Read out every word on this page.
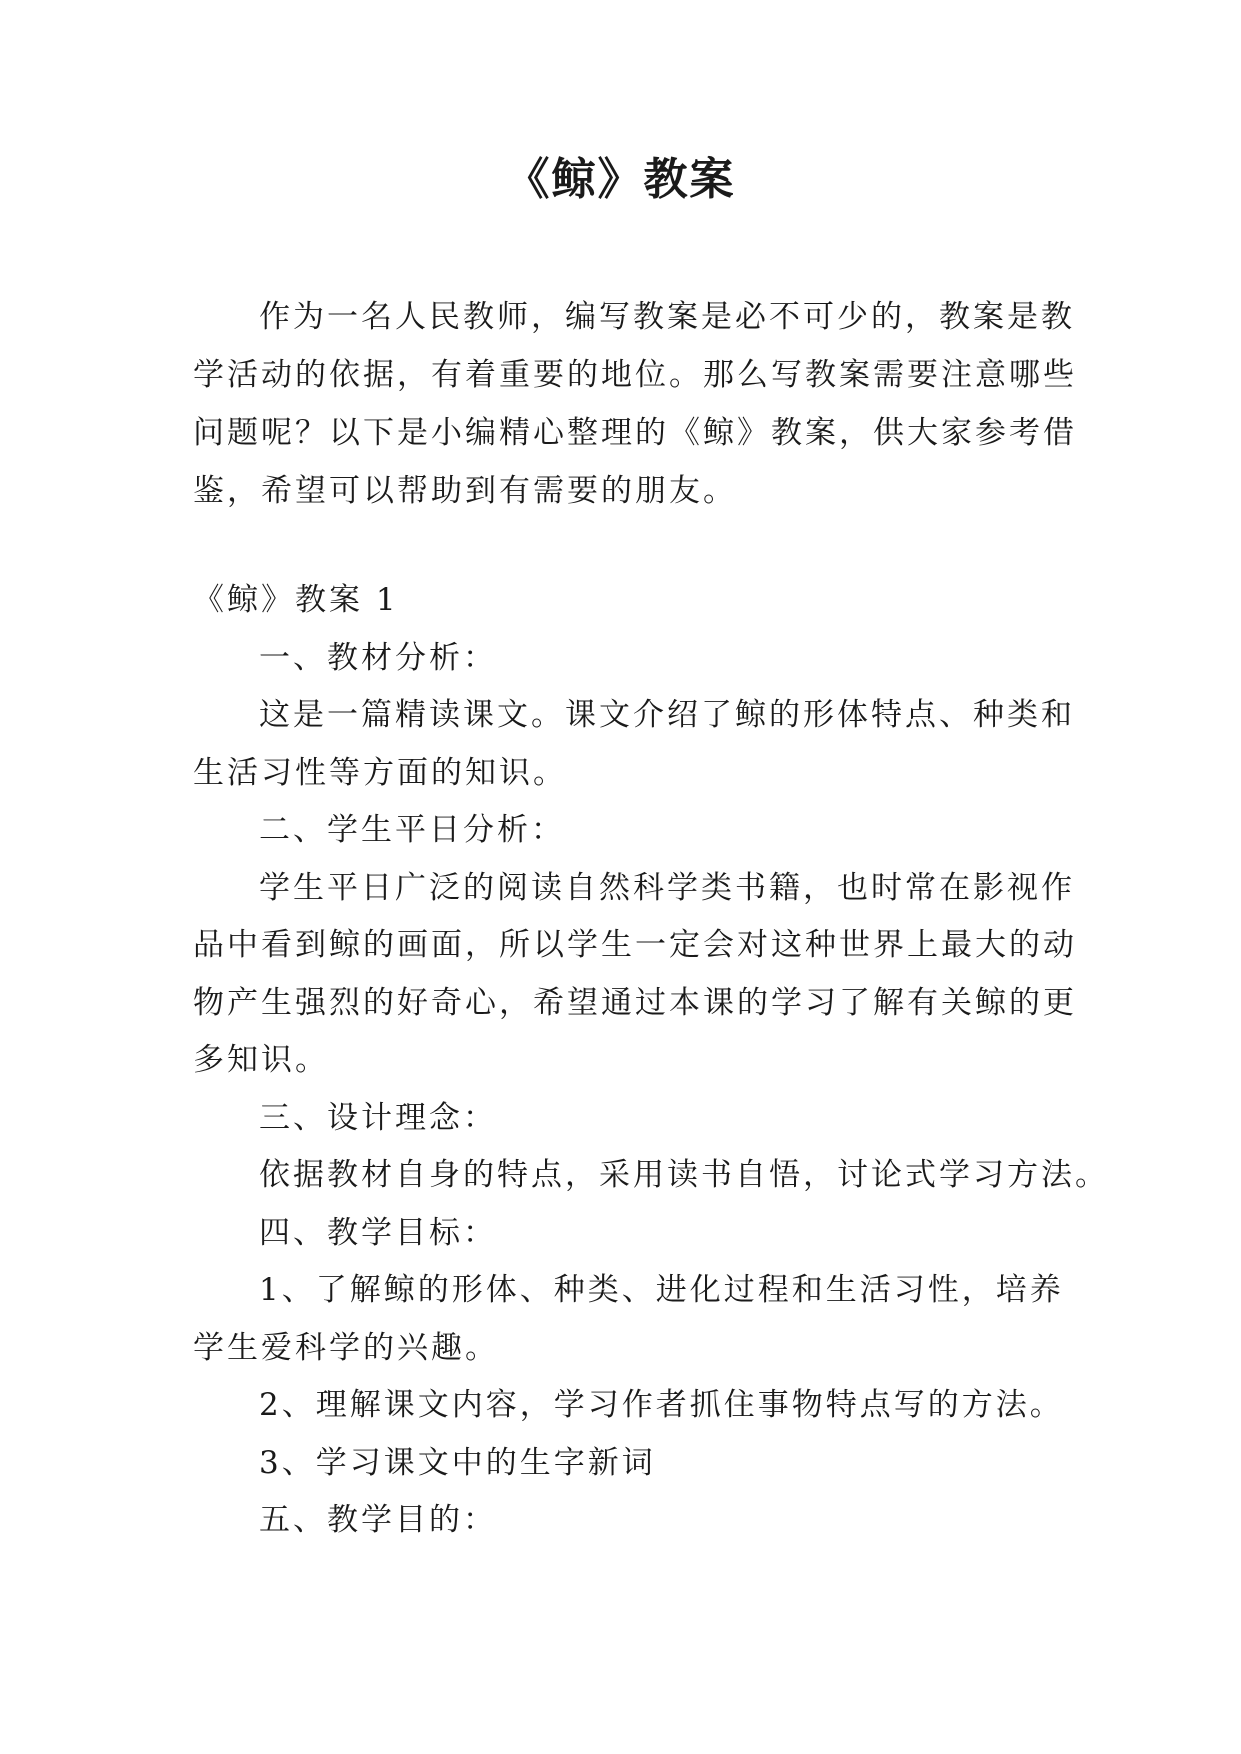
《鲸》教案
作为一名人民教师，编写教案是必不可少的，教案是教
学活动的依据，有着重要的地位。那么写教案需要注意哪些
问题呢？以下是小编精心整理的《鲸》教案，供大家参考借
鉴，希望可以帮助到有需要的朋友。
《鲸》教案 1
一、教材分析：
这是一篇精读课文。课文介绍了鲸的形体特点、种类和
生活习性等方面的知识。
二、学生平日分析：
学生平日广泛的阅读自然科学类书籍，也时常在影视作
品中看到鲸的画面，所以学生一定会对这种世界上最大的动
物产生强烈的好奇心，希望通过本课的学习了解有关鲸的更
多知识。
三、设计理念：
依据教材自身的特点，采用读书自悟，讨论式学习方法。
四、教学目标：
1、了解鲸的形体、种类、进化过程和生活习性，培养
学生爱科学的兴趣。
2、理解课文内容，学习作者抓住事物特点写的方法。
3、学习课文中的生字新词
五、教学目的：
